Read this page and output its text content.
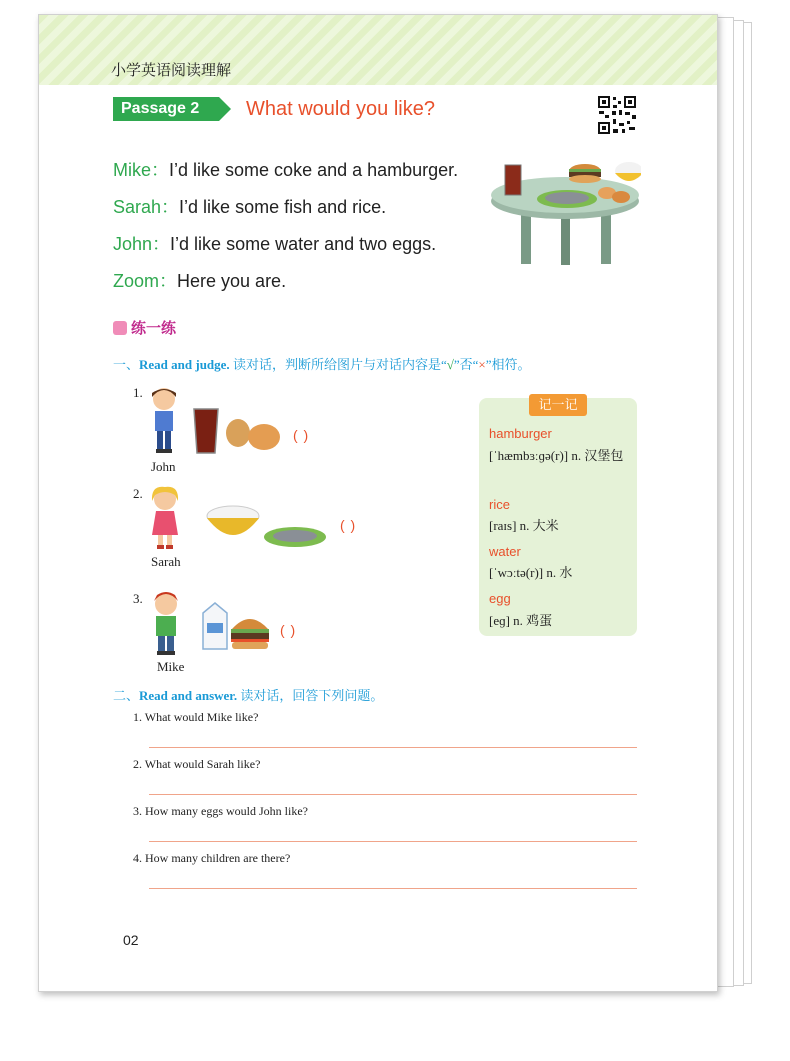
小学英语阅读理解
Passage 2	What would you like?
Mike：I’d like some coke and a hamburger.
Sarah：I’d like some fish and rice.
John：I’d like some water and two eggs.
Zoom：Here you are.
练一练
一、Read and judge. 读对话，判断所给图片与对话内容是“√”否“×”相符。
1.
( )
John
2.
( )
Sarah
3.
( )
Mike
记一记
hamburger
[ˈhæmbɜːɡə(r)] n. 汉堡包
rice
[raɪs] n. 大米
water
[ˈwɔːtə(r)] n. 水
egg
[eɡ] n. 鸡蛋
二、Read and answer. 读对话，回答下列问题。
1. What would Mike like?
2. What would Sarah like?
3. How many eggs would John like?
4. How many children are there?
02
